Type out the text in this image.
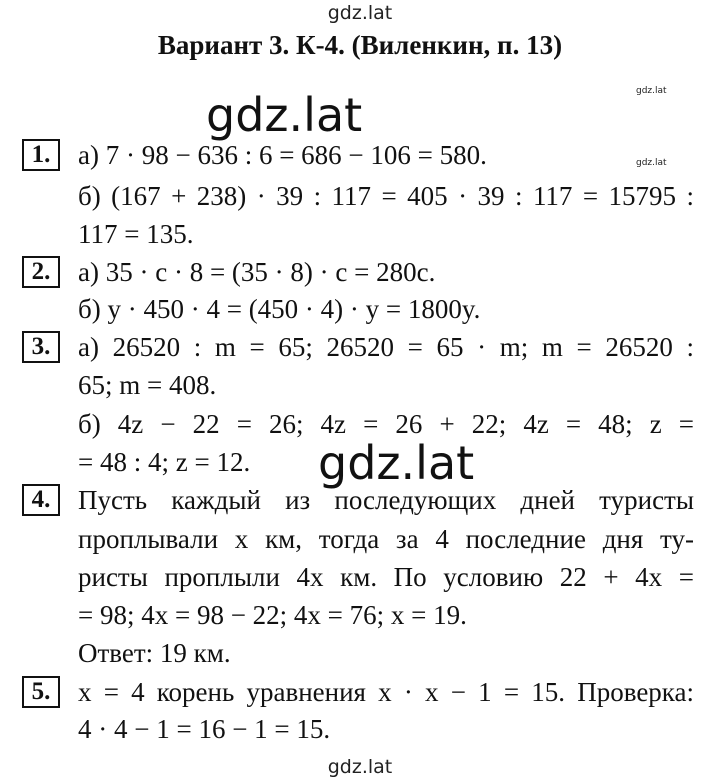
gdz.lat
gdz.lat	gdz.lat
gdz.lat
gdz.lat
gdz.lat
Вариант 3. К-4. (Виленкин, п. 13)
1.	а) 7 · 98 − 636 : 6 = 686 − 106 = 580.
б) (167 + 238) · 39 : 117 = 405 · 39 : 117 = 15795 :
117 = 135.
2.	а) 35 · c · 8 = (35 · 8) · c = 280c.
б) y · 450 · 4 = (450 · 4) · y = 1800y.
3.	а) 26520 : m = 65; 26520 = 65 · m; m = 26520 :
65; m = 408.
б) 4z − 22 = 26; 4z = 26 + 22; 4z = 48; z =
= 48 : 4; z = 12.
4.	Пусть каждый из последующих дней туристы
проплывали x км, тогда за 4 последние дня ту-
ристы проплыли 4x км. По условию 22 + 4x =
= 98; 4x = 98 − 22; 4x = 76; x = 19.
Ответ: 19 км.
5.	x = 4 корень уравнения x · x − 1 = 15. Проверка:
4 · 4 − 1 = 16 − 1 = 15.
